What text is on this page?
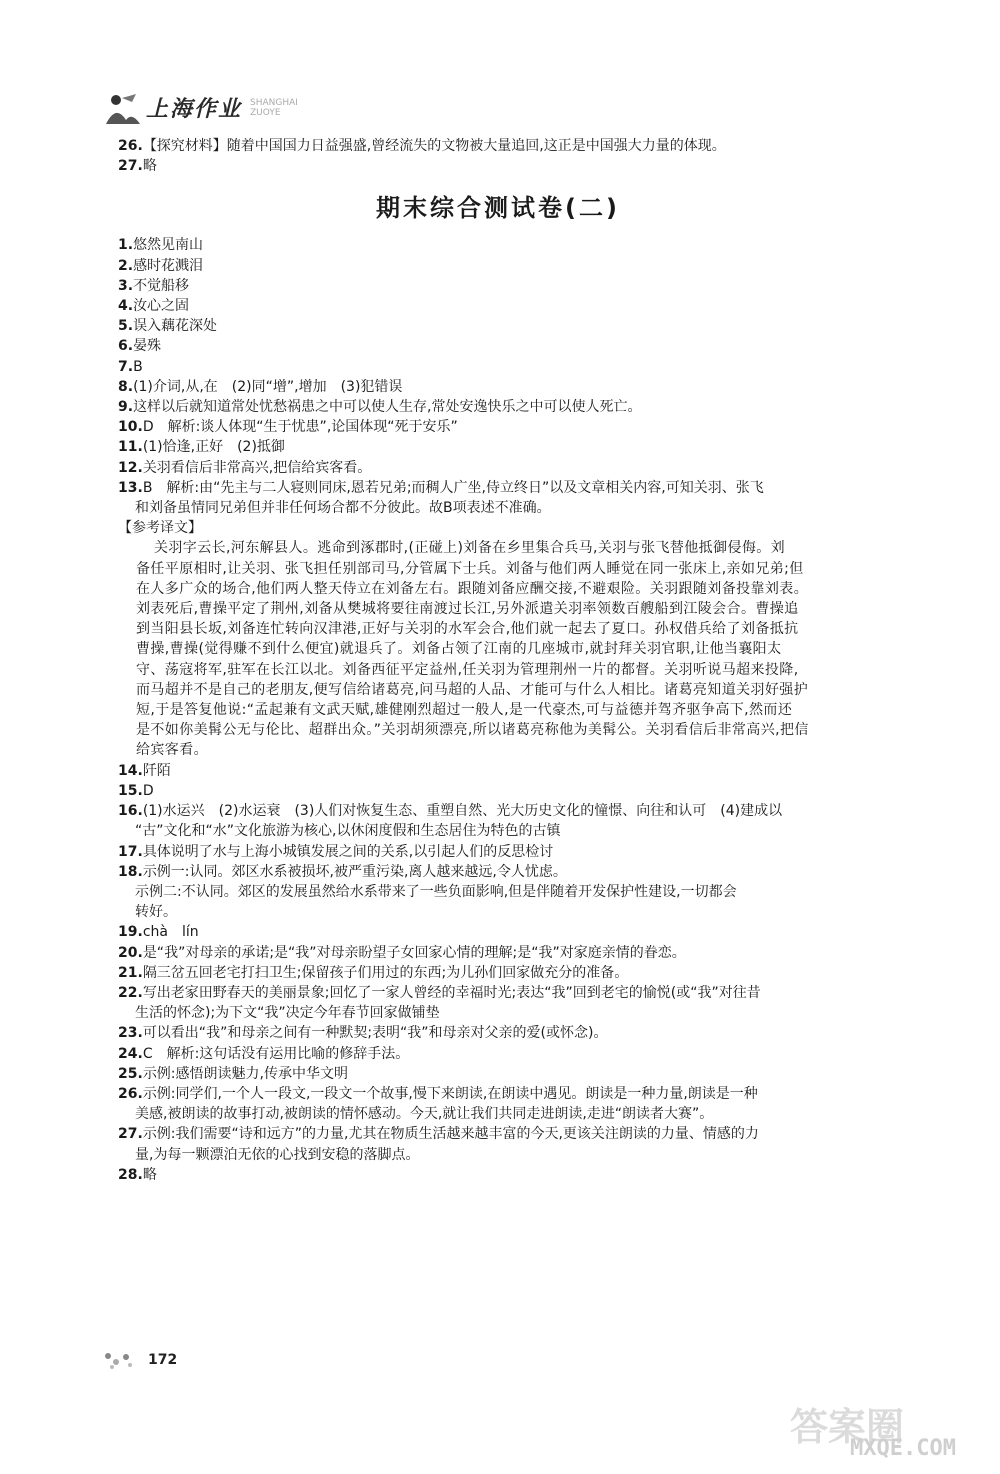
上海作业 SHANGHAI ZUOYE
26.【探究材料】随着中国国力日益强盛,曾经流失的文物被大量追回,这正是中国强大力量的体现。
27.略
期末综合测试卷(二)
1.悠然见南山
2.感时花溅泪
3.不觉船移
4.汝心之固
5.误入藕花深处
6.晏殊
7.B
8.(1)介词,从,在　(2)同“增”,增加　(3)犯错误
9.这样以后就知道常处忧愁祸患之中可以使人生存,常处安逸快乐之中可以使人死亡。
10.D　解析:谈人体现“生于忧患”,论国体现“死于安乐”
11.(1)恰逢,正好　(2)抵御
12.关羽看信后非常高兴,把信给宾客看。
13.B　解析:由“先主与二人寝则同床,恩若兄弟;而稠人广坐,侍立终日”以及文章相关内容,可知关羽、张飞
和刘备虽情同兄弟但并非任何场合都不分彼此。故B项表述不准确。
【参考译文】
关羽字云长,河东解县人。逃命到涿郡时,(正碰上)刘备在乡里集合兵马,关羽与张飞替他抵御侵侮。刘
备任平原相时,让关羽、张飞担任别部司马,分管属下士兵。刘备与他们两人睡觉在同一张床上,亲如兄弟;但
在人多广众的场合,他们两人整天侍立在刘备左右。跟随刘备应酬交接,不避艰险。关羽跟随刘备投靠刘表。
刘表死后,曹操平定了荆州,刘备从樊城将要往南渡过长江,另外派遣关羽率领数百艘船到江陵会合。曹操追
到当阳县长坂,刘备连忙转向汉津港,正好与关羽的水军会合,他们就一起去了夏口。孙权借兵给了刘备抵抗
曹操,曹操(觉得赚不到什么便宜)就退兵了。刘备占领了江南的几座城市,就封拜关羽官职,让他当襄阳太
守、荡寇将军,驻军在长江以北。刘备西征平定益州,任关羽为管理荆州一片的都督。关羽听说马超来投降,
而马超并不是自己的老朋友,便写信给诸葛亮,问马超的人品、才能可与什么人相比。诸葛亮知道关羽好强护
短,于是答复他说:“孟起兼有文武天赋,雄健刚烈超过一般人,是一代豪杰,可与益德并驾齐驱争高下,然而还
是不如你美髯公无与伦比、超群出众。”关羽胡须漂亮,所以诸葛亮称他为美髯公。关羽看信后非常高兴,把信
给宾客看。
14.阡陌
15.D
16.(1)水运兴　(2)水运衰　(3)人们对恢复生态、重塑自然、光大历史文化的憧憬、向往和认可　(4)建成以
“古”文化和“水”文化旅游为核心,以休闲度假和生态居住为特色的古镇
17.具体说明了水与上海小城镇发展之间的关系,以引起人们的反思检讨
18.示例一:认同。郊区水系被损坏,被严重污染,离人越来越远,令人忧虑。
示例二:不认同。郊区的发展虽然给水系带来了一些负面影响,但是伴随着开发保护性建设,一切都会
转好。
19.chà　lín
20.是“我”对母亲的承诺;是“我”对母亲盼望子女回家心情的理解;是“我”对家庭亲情的眷恋。
21.隔三岔五回老宅打扫卫生;保留孩子们用过的东西;为儿孙们回家做充分的准备。
22.写出老家田野春天的美丽景象;回忆了一家人曾经的幸福时光;表达“我”回到老宅的愉悦(或“我”对往昔
生活的怀念);为下文“我”决定今年春节回家做铺垫
23.可以看出“我”和母亲之间有一种默契;表明“我”和母亲对父亲的爱(或怀念)。
24.C　解析:这句话没有运用比喻的修辞手法。
25.示例:感悟朗读魅力,传承中华文明
26.示例:同学们,一个人一段文,一段文一个故事,慢下来朗读,在朗读中遇见。朗读是一种力量,朗读是一种
美感,被朗读的故事打动,被朗读的情怀感动。今天,就让我们共同走进朗读,走进“朗读者大赛”。
27.示例:我们需要“诗和远方”的力量,尤其在物质生活越来越丰富的今天,更该关注朗读的力量、情感的力
量,为每一颗漂泊无依的心找到安稳的落脚点。
28.略
172
答案圈
MXQE.COM
